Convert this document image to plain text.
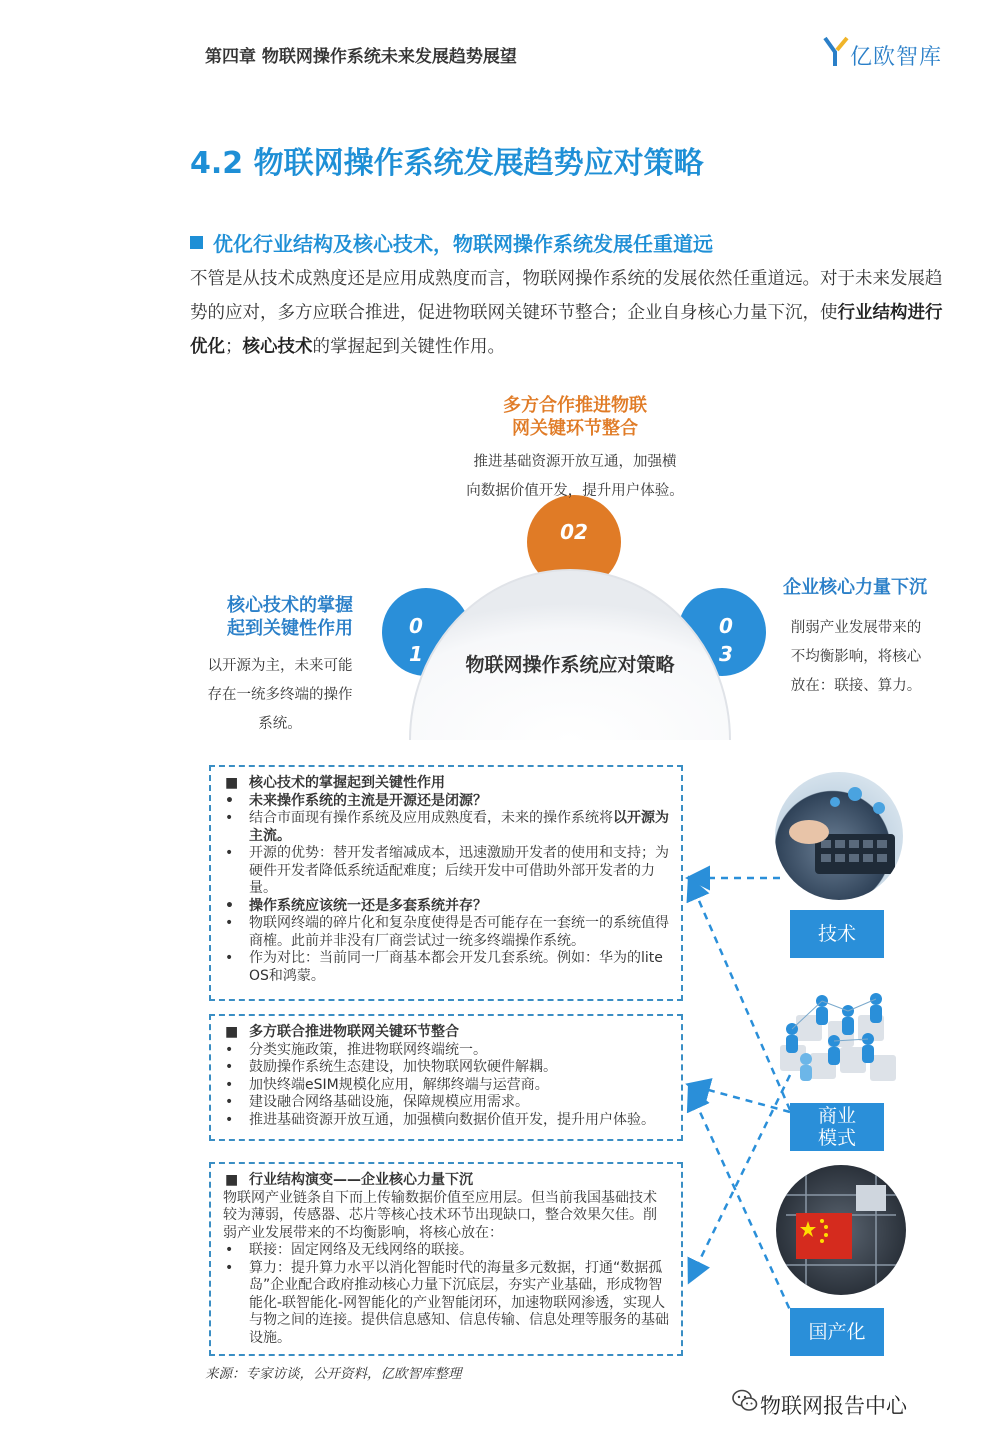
第四章 物联网操作系统未来发展趋势展望	亿欧智库
4.2 物联网操作系统发展趋势应对策略
优化行业结构及核心技术，物联网操作系统发展任重道远
不管是从技术成熟度还是应用成熟度而言，物联网操作系统的发展依然任重道远。对于未来发展趋势的应对，多方应联合推进，促进物联网关键环节整合；企业自身核心力量下沉，使行业结构进行优化；核心技术的掌握起到关键性作用。
02
0
1
0
3
物联网操作系统应对策略
多方合作推进物联
网关键环节整合
推进基础资源开放互通，加强横
向数据价值开发，提升用户体验。
核心技术的掌握
起到关键性作用
以开源为主，未来可能
存在一统多终端的操作
系统。
企业核心力量下沉
削弱产业发展带来的
不均衡影响，将核心
放在：联接、算力。
■ 核心技术的掌握起到关键性作用
•	未来操作系统的主流是开源还是闭源？
•	结合市面现有操作系统及应用成熟度看，未来的操作系统将以开源为主流。
•	开源的优势：替开发者缩减成本，迅速激励开发者的使用和支持；为硬件开发者降低系统适配难度；后续开发中可借助外部开发者的力量。
•	操作系统应该统一还是多套系统并存？
•	物联网终端的碎片化和复杂度使得是否可能存在一套统一的系统值得商榷。此前并非没有厂商尝试过一统多终端操作系统。
•	作为对比：当前同一厂商基本都会开发几套系统。例如：华为的lite OS和鸿蒙。
■ 多方联合推进物联网关键环节整合
•	分类实施政策，推进物联网终端统一。
•	鼓励操作系统生态建设，加快物联网软硬件解耦。
•	加快终端eSIM规模化应用，解绑终端与运营商。
•	建设融合网络基础设施，保障规模应用需求。
•	推进基础资源开放互通，加强横向数据价值开发，提升用户体验。
■ 行业结构演变——企业核心力量下沉
物联网产业链条自下而上传输数据价值至应用层。但当前我国基础技术较为薄弱，传感器、芯片等核心技术环节出现缺口，整合效果欠佳。削弱产业发展带来的不均衡影响，将核心放在：
•	联接：固定网络及无线网络的联接。
•	算力：提升算力水平以消化智能时代的海量多元数据，打通“数据孤岛”企业配合政府推动核心力量下沉底层，夯实产业基础，形成物智能化-联智能化-网智能化的产业智能闭环，加速物联网渗透，实现人与物之间的连接。提供信息感知、信息传输、信息处理等服务的基础设施。
技术
商业
模式
国产化
来源：专家访谈，公开资料，亿欧智库整理
物联网报告中心
